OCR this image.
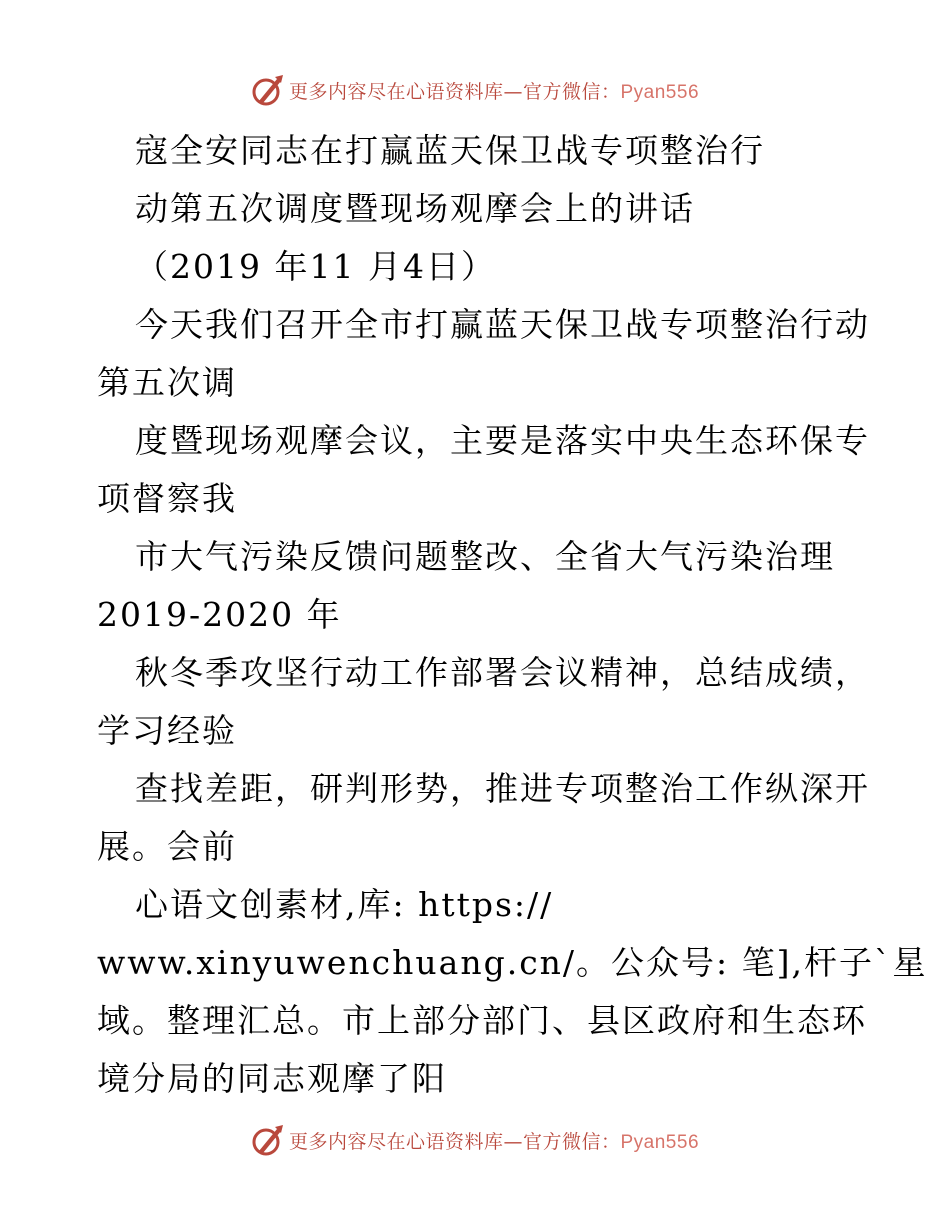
更多内容尽在心语资料库—官方微信：Pyan556
寇全安同志在打赢蓝天保卫战专项整治行
动第五次调度暨现场观摩会上的讲话
（2019 年11 月4日）
今天我们召开全市打赢蓝天保卫战专项整治行动
第五次调
度暨现场观摩会议，主要是落实中央生态环保专
项督察我
市大气污染反馈问题整改、全省大气污染治理
2019-2020 年
秋冬季攻坚行动工作部署会议精神，总结成绩，
学习经验
查找差距，研判形势，推进专项整治工作纵深开
展。会前
心语文创素材,库: https://
www.xinyuwenchuang.cn/。公众号: 笔],杆子`星
域。整理汇总。市上部分部门、县区政府和生态环
境分局的同志观摩了阳
更多内容尽在心语资料库—官方微信：Pyan556
